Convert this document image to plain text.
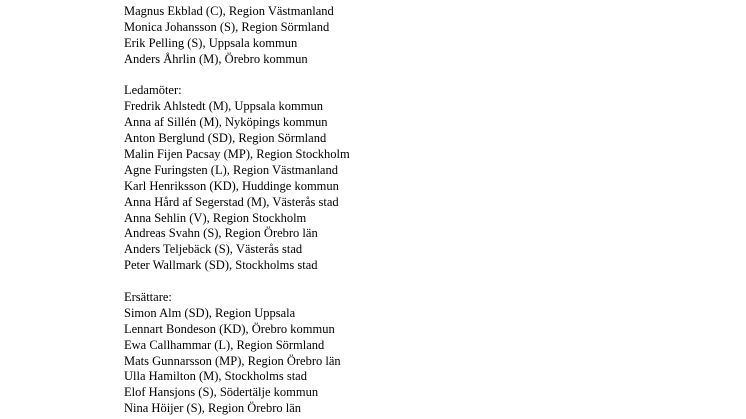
Magnus Ekblad (C), Region Västmanland
Monica Johansson (S), Region Sörmland
Erik Pelling (S), Uppsala kommun
Anders Åhrlin (M), Örebro kommun
Ledamöter:
Fredrik Ahlstedt (M), Uppsala kommun
Anna af Sillén (M), Nyköpings kommun
Anton Berglund (SD), Region Sörmland
Malin Fijen Pacsay (MP), Region Stockholm
Agne Furingsten (L), Region Västmanland
Karl Henriksson (KD), Huddinge kommun
Anna Hård af Segerstad (M), Västerås stad
Anna Sehlin (V), Region Stockholm
Andreas Svahn (S), Region Örebro län
Anders Teljebäck (S), Västerås stad
Peter Wallmark (SD), Stockholms stad
Ersättare:
Simon Alm (SD), Region Uppsala
Lennart Bondeson (KD), Örebro kommun
Ewa Callhammar (L), Region Sörmland
Mats Gunnarsson (MP), Region Örebro län
Ulla Hamilton (M), Stockholms stad
Elof Hansjons (S), Södertälje kommun
Nina Höijer (S), Region Örebro län
